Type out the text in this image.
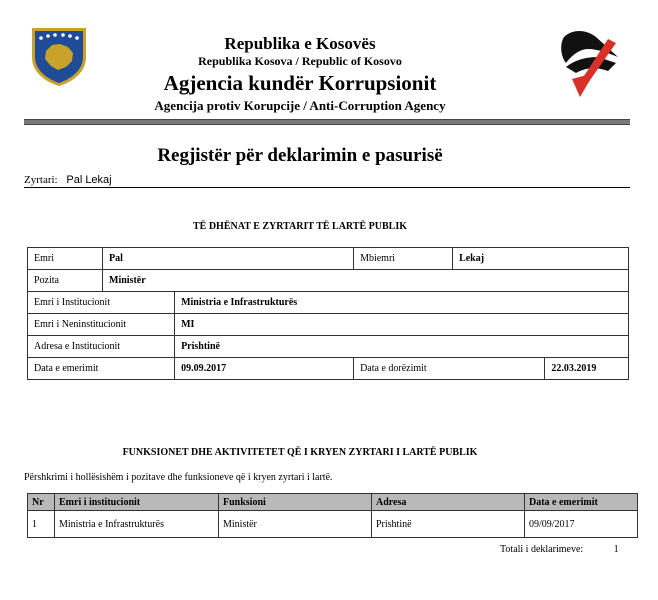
Republika e Kosovës
Republika Kosova / Republic of Kosovo
Agjencia kundër Korrupsionit
Agencija protiv Korupcije / Anti-Corruption Agency
Regjistër për deklarimin e pasurisë
Zyrtari: Pal Lekaj
TË DHËNAT E ZYRTARIT TË LARTË PUBLIK
Emri	Pal		Mbiemri	Lekaj	
Pozita	Ministër				
Emri i Institucionit		Ministria e Infrastrukturës			
Emri i Neninstitucionit		MI			
Adresa e Institucionit		Prishtinë			
Data e emerimit		09.09.2017	Data e dorëzimit		22.03.2019
FUNKSIONET DHE AKTIVITETET QË I KRYEN ZYRTARI I LARTË PUBLIK
Përshkrimi i hollësishëm i pozitave dhe funksioneve që i kryen zyrtari i lartë.
Nr	Emri i institucionit	Funksioni	Adresa	Data e emerimit
1	Ministria e Infrastrukturës	Ministër	Prishtinë	09/09/2017
Totali i deklarimeve:	1
